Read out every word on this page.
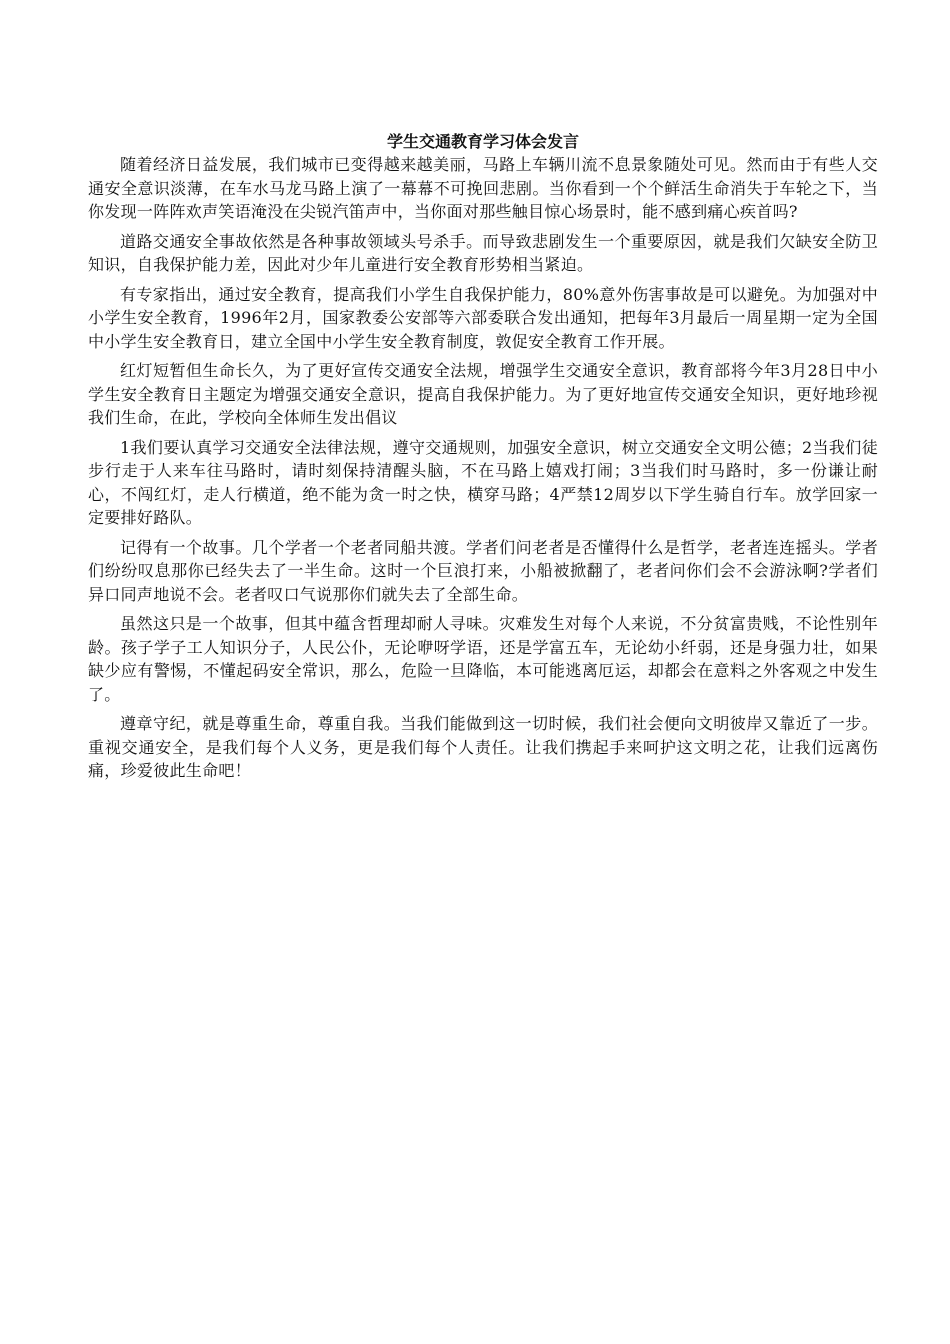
学生交通教育学习体会发言

随着经济日益发展，我们城市已变得越来越美丽，马路上车辆川流不息景象随处可见。然而由于有些人交通安全意识淡薄，在车水马龙马路上演了一幕幕不可挽回悲剧。当你看到一个个鲜活生命消失于车轮之下，当你发现一阵阵欢声笑语淹没在尖锐汽笛声中，当你面对那些触目惊心场景时，能不感到痛心疾首吗?

道路交通安全事故依然是各种事故领域头号杀手。而导致悲剧发生一个重要原因，就是我们欠缺安全防卫知识，自我保护能力差，因此对少年儿童进行安全教育形势相当紧迫。

有专家指出，通过安全教育，提高我们小学生自我保护能力，80%意外伤害事故是可以避免。为加强对中小学生安全教育，1996年2月，国家教委公安部等六部委联合发出通知，把每年3月最后一周星期一定为全国中小学生安全教育日，建立全国中小学生安全教育制度，敦促安全教育工作开展。

红灯短暂但生命长久，为了更好宣传交通安全法规，增强学生交通安全意识，教育部将今年3月28日中小学生安全教育日主题定为增强交通安全意识，提高自我保护能力。为了更好地宣传交通安全知识，更好地珍视我们生命，在此，学校向全体师生发出倡议

1我们要认真学习交通安全法律法规，遵守交通规则，加强安全意识，树立交通安全文明公德；2当我们徒步行走于人来车往马路时，请时刻保持清醒头脑，不在马路上嬉戏打闹；3当我们时马路时，多一份谦让耐心，不闯红灯，走人行横道，绝不能为贪一时之快，横穿马路；4严禁12周岁以下学生骑自行车。放学回家一定要排好路队。

记得有一个故事。几个学者一个老者同船共渡。学者们问老者是否懂得什么是哲学，老者连连摇头。学者们纷纷叹息那你已经失去了一半生命。这时一个巨浪打来，小船被掀翻了，老者问你们会不会游泳啊?学者们异口同声地说不会。老者叹口气说那你们就失去了全部生命。

虽然这只是一个故事，但其中蕴含哲理却耐人寻味。灾难发生对每个人来说，不分贫富贵贱，不论性别年龄。孩子学子工人知识分子，人民公仆，无论咿呀学语，还是学富五车，无论幼小纤弱，还是身强力壮，如果缺少应有警惕，不懂起码安全常识，那么，危险一旦降临，本可能逃离厄运，却都会在意料之外客观之中发生了。

遵章守纪，就是尊重生命，尊重自我。当我们能做到这一切时候，我们社会便向文明彼岸又靠近了一步。重视交通安全，是我们每个人义务，更是我们每个人责任。让我们携起手来呵护这文明之花，让我们远离伤痛，珍爱彼此生命吧！
